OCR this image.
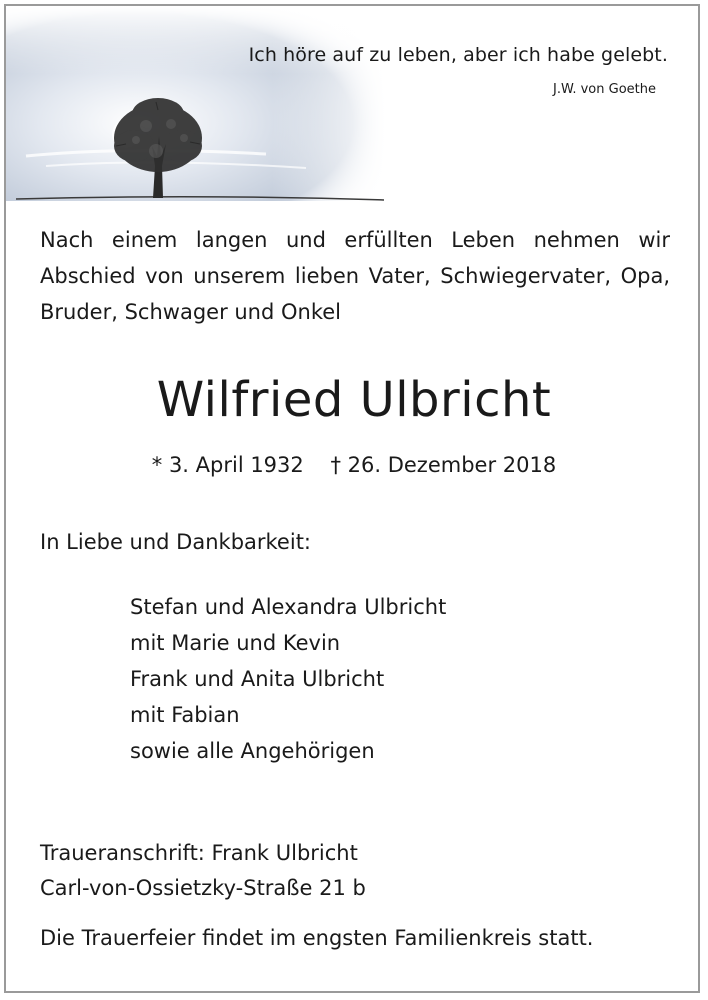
Ich höre auf zu leben, aber ich habe gelebt.
J.W. von Goethe
Nach einem langen und erfüllten Leben nehmen wir Abschied von unserem lieben Vater, Schwiegervater, Opa, Bruder, Schwager und Onkel
Wilfried Ulbricht
* 3. April 1932    † 26. Dezember 2018
In Liebe und Dankbarkeit:
Stefan und Alexandra Ulbricht
mit Marie und Kevin
Frank und Anita Ulbricht
mit Fabian
sowie alle Angehörigen
Traueranschrift: Frank Ulbricht
Carl-von-Ossietzky-Straße 21 b
Die Trauerfeier findet im engsten Familienkreis statt.
